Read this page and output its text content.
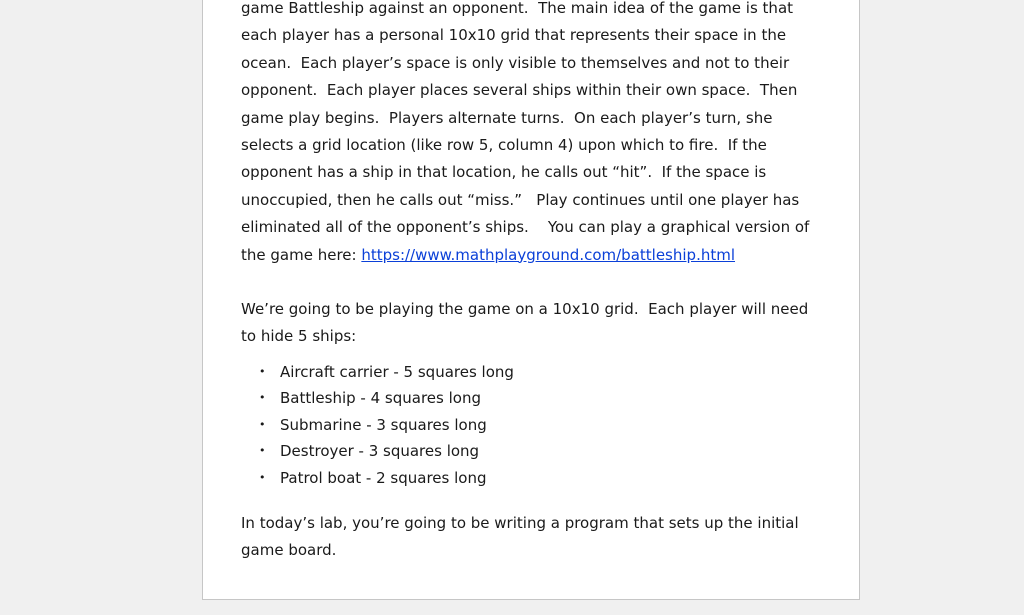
game Battleship against an opponent.  The main idea of the game is that
each player has a personal 10x10 grid that represents their space in the
ocean.  Each player’s space is only visible to themselves and not to their
opponent.  Each player places several ships within their own space.  Then
game play begins.  Players alternate turns.  On each player’s turn, she
selects a grid location (like row 5, column 4) upon which to fire.  If the
opponent has a ship in that location, he calls out “hit”.  If the space is
unoccupied, then he calls out “miss.”   Play continues until one player has
eliminated all of the opponent’s ships.    You can play a graphical version of
the game here: https://www.mathplayground.com/battleship.html

We’re going to be playing the game on a 10x10 grid.  Each player will need
to hide 5 ships:

• Aircraft carrier - 5 squares long
• Battleship - 4 squares long
• Submarine - 3 squares long
• Destroyer - 3 squares long
• Patrol boat - 2 squares long

In today’s lab, you’re going to be writing a program that sets up the initial
game board.
